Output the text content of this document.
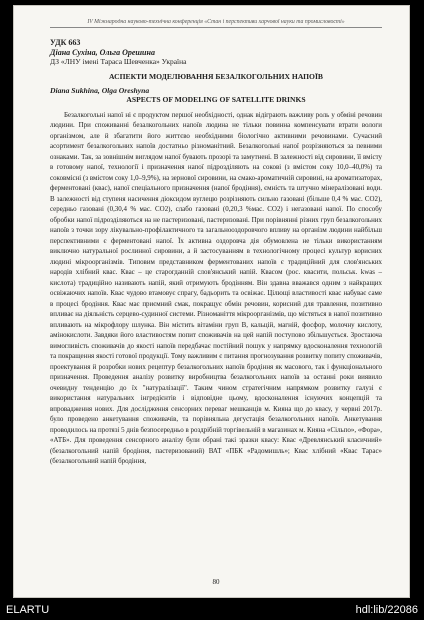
IV Міжнародна науково-технічна конференція «Стан і перспективи харчової науки та промисловості»
УДК 663
Діана Сухіна, Ольга Орешина
ДЗ «ЛНУ імені Тараса Шевченка» Україна
АСПЕКТИ МОДЕЛЮВАННЯ БЕЗАЛКОГОЛЬНИХ НАПОЇВ
Diana Sukhina, Olga Oreshyna
ASPECTS OF MODELING OF SATELLITE DRINKS
Безалкогольні напої нi є продуктом першої необхідності, однак відіграють важливу роль у обміні речовин людини. При споживанні безалкогольних напоїв людина не тільки повинна компенсувати втрати вологи організмом, але й збагатити його життєво необхідними біологічно активними речовинами. Сучасний асортимент безалкогольних напоїв достатньо різноманітний. Безалкогольні напої розрізняються за певними ознаками. Так, за зовнішнім виглядом напої бувають прозорі та замутнені. В залежності від сировини, її вмісту в готовому напої, технології і призначення напої підрозділяють на сокові (з вмістом соку 10,0–40,0%) та соковмісні (з вмістом соку 1,0–9,9%), на зернової сировини, на смако-ароматичній сировині, на ароматизаторах, ферментовані (квас), напої спеціального призначення (напої бродіння), ємність та штучно мінералізовані води. В залежності від ступеня насичення діоксидом вуглецю розрізняють сильно газовані (більше 0,4 % мас. CO2), середньо газовані (0,30,4 % мас. CO2), слабо газовані (0,20,3 %мас. CO2) і негазовані напої. По способу обробки напої підрозділяються на не пастеризовані, пастеризовані. При порівнянні різних груп безалкогольних напоїв з точки зору лікувально-профілактичного та загальнооздоровчого впливу на організм людини найбільш перспективними є ферментовані напої. Їх активна оздоровча дія обумовлена не тільки використанням виключно натуральної рослинної сировини, а й застосуванням в технологічному процесі культур корисних людині мікроорганізмів. Типовим представником ферментованих напоїв є традиційний для слов'янських народів хлібний квас. Квас – це старогданній слов'янський напій. Квасом (рос. квасити, польськ. kwas – кислота) традиційно називають напій, який отримують бродінням. Він здавна вважався одним з найкращих освіжаючих напоїв. Квас чудово втамовує спрагу, бадьорить та освіжає. Цілющі властивості квас набуває саме в процесі бродіння. Квас має приємний смак, покращує обмін речовин, корисний для травлення, позитивно впливає на діяльність серцево-судинної системи. Різноманіття мікроорганізмів, що містяться в напої позитивно впливають на мікрофлору шлунка. Він містить вітаміни груп B, кальцій, магній, фосфор, молочну кислоту, амінокислоти. Завдяки його властивостям попит споживачів на цей напій поступово збільшується. Зростаюча вимогливість споживачів до якості напоїв передбачає постійний пошук у напрямку вдосконалення технологій та покращення якості готової продукції. Тому важливим є питання прогнозування розвитку попиту споживачів, проектування й розробки нових рецептур безалкогольних напоїв бродіння як масового, так і функціонального призначення. Проведення аналізу розвитку виробництва безалкогольних напоїв за останні роки виявило очевидну тенденцію до їх "натуралізації". Таким чином стратегічним напрямком розвитку галузі є використання натуральних інгредієнтів і відповідне цьому, вдосконалення існуючих концепцій та впровадження нових. Для дослідження сенсорних переваг мешканців м. Кияна що до квасу, у червні 2017р. було проведено анкетування споживачів, та порівняльна дегустація безалкогольних напоїв. Анкетування проводилось на протязі 5 днів безпосередньо в роздрібній торгівельній в магазинах м. Кияна «Сільпо», «Фора», «АТБ». Для проведення сенсорного аналізу були обрані такі зразки квасу: Квас «Древлянський класичний» (безалкогольний напій бродіння, пастеризований) ВАТ «ПБК «Радомишль»; Квас хлібний «Квас Тарас» (безалкогольний напій бродіння,
80
ELARTU	hdl:lib/22086
